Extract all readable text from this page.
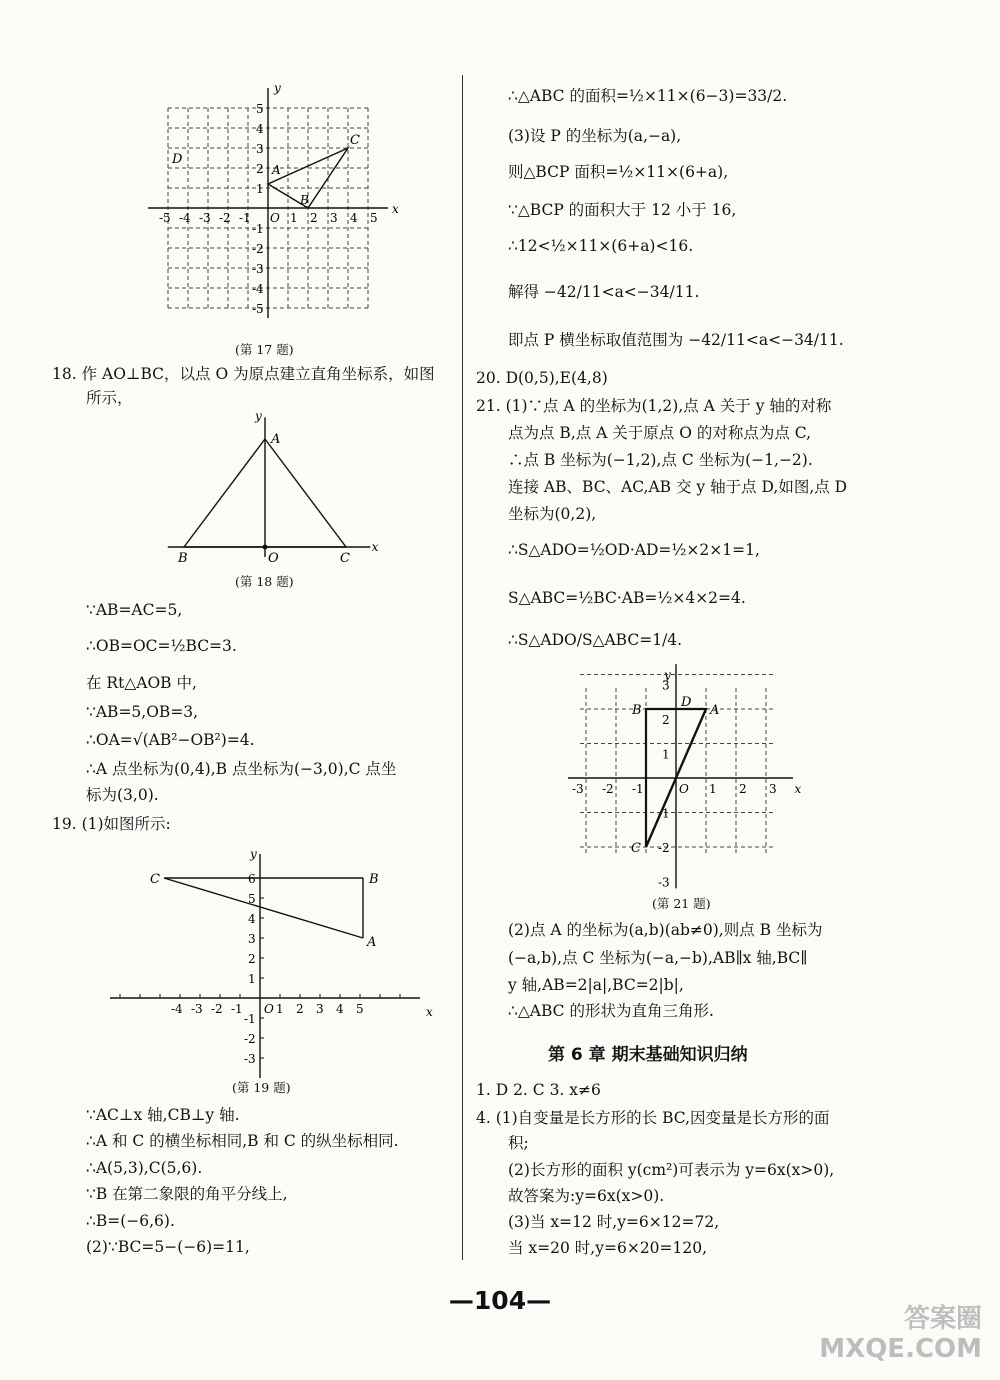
x
y
-5 -4 -3 -2 -1 O 1 2 3 4 5
1
2
3
4
5
-1
-2
-3
-4
-5
A
B
C
D
(第 17 题)
18. 作 AO⊥BC，以点 O 为原点建立直角坐标系，如图
所示，
A
B	C
O
x
y
(第 18 题)
∵AB=AC=5,
∴OB=OC=½BC=3.
在 Rt△AOB 中,
∵AB=5,OB=3,
∴OA=√(AB²−OB²)=4.
∴A 点坐标为(0,4),B 点坐标为(−3,0),C 点坐
标为(3,0).
19. (1)如图所示:
-4 -3 -2 -1	1 2 3 4 5
1
2
3
4
5
6
-1
-2
-3
O	x
y
C	B
A
(第 19 题)
∵AC⊥x 轴,CB⊥y 轴.
∴A 和 C 的横坐标相同,B 和 C 的纵坐标相同.
∴A(5,3),C(5,6).
∵B 在第二象限的角平分线上,
∴B=(−6,6).
(2)∵BC=5−(−6)=11,
∴△ABC 的面积=½×11×(6−3)=33/2.
(3)设 P 的坐标为(a,−a),
则△BCP 面积=½×11×(6+a),
∵△BCP 的面积大于 12 小于 16,
∴12<½×11×(6+a)<16.
解得 −42/11<a<−34/11.
即点 P 横坐标取值范围为 −42/11<a<−34/11.
20. D(0,5),E(4,8)
21. (1)∵点 A 的坐标为(1,2),点 A 关于 y 轴的对称
点为点 B,点 A 关于原点 O 的对称点为点 C,
∴点 B 坐标为(−1,2),点 C 坐标为(−1,−2).
连接 AB、BC、AC,AB 交 y 轴于点 D,如图,点 D
坐标为(0,2),
∴S△ADO=½OD·AD=½×2×1=1,
S△ABC=½BC·AB=½×4×2=4.
∴S△ADO/S△ABC=1/4.
-3 -2 -1	O 1 2 3
1
2
3
-1
-2
-3
x
y
A
B
C
D
(第 21 题)
(2)点 A 的坐标为(a,b)(ab≠0),则点 B 坐标为
(−a,b),点 C 坐标为(−a,−b),AB∥x 轴,BC∥
y 轴,AB=2|a|,BC=2|b|,
∴△ABC 的形状为直角三角形.
第 6 章 期末基础知识归纳
1. D 2. C 3. x≠6
4. (1)自变量是长方形的长 BC,因变量是长方形的面
积;
(2)长方形的面积 y(cm²)可表示为 y=6x(x>0),
故答案为:y=6x(x>0).
(3)当 x=12 时,y=6×12=72,
当 x=20 时,y=6×20=120,
—104—
答案圈
MXQE.COM
